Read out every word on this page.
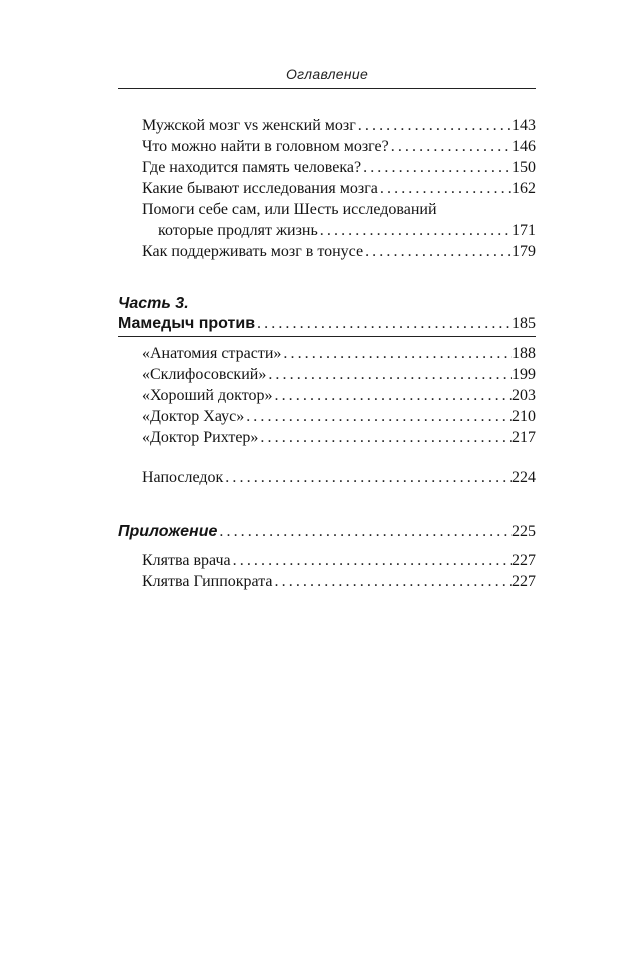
Оглавление
Мужской мозг vs женский мозг . . .	143
Что можно найти в головном мозге? . . .	146
Где находится память человека? . . .	150
Какие бывают исследования мозга . . .	162
Помоги себе сам, или Шесть исследований
которые продлят жизнь . . .	171
Как поддерживать мозг в тонусе . . .	179
Часть 3.
Мамедыч против . . .	185
«Анатомия страсти» . . .	188
«Склифосовский» . . .	199
«Хороший доктор» . . .	203
«Доктор Хаус» . . .	210
«Доктор Рихтер» . . .	217
Напоследок . . .	224
Приложение . . .	225
Клятва врача . . .	227
Клятва Гиппократа . . .	227
